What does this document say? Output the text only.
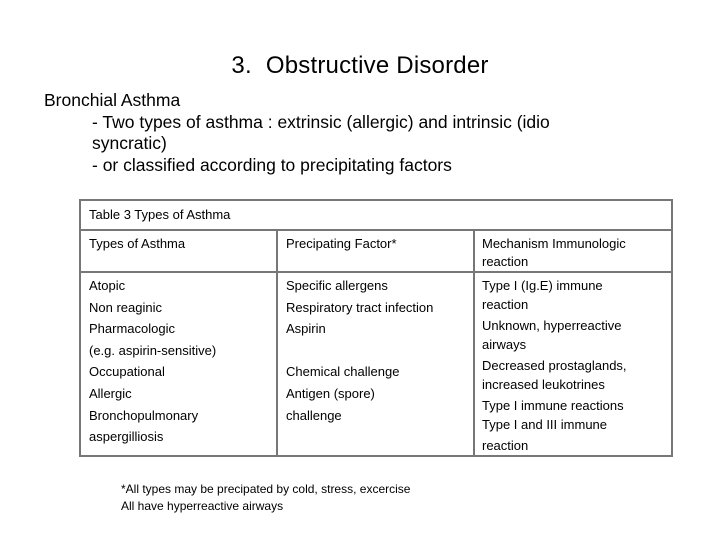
3. Obstructive Disorder
Bronchial Asthma
- Two types of asthma : extrinsic (allergic) and intrinsic (idio
syncratic)
- or classified according to precipitating factors
Table 3 Types of Asthma
Types of Asthma	Precipating Factor*	Mechanism Immunologic
reaction
Atopic
Non reaginic
Pharmacologic
(e.g. aspirin-sensitive)
Occupational
Allergic
Bronchopulmonary
aspergilliosis
Specific allergens
Respiratory tract infection
Aspirin
Chemical challenge
Antigen (spore)
challenge
Type I (Ig.E) immune
reaction
Unknown, hyperreactive
airways
Decreased prostaglands,
increased leukotrines
Type I immune reactions
Type I and III immune
reaction
*All types may be precipated by cold, stress, excercise
All have hyperreactive airways
